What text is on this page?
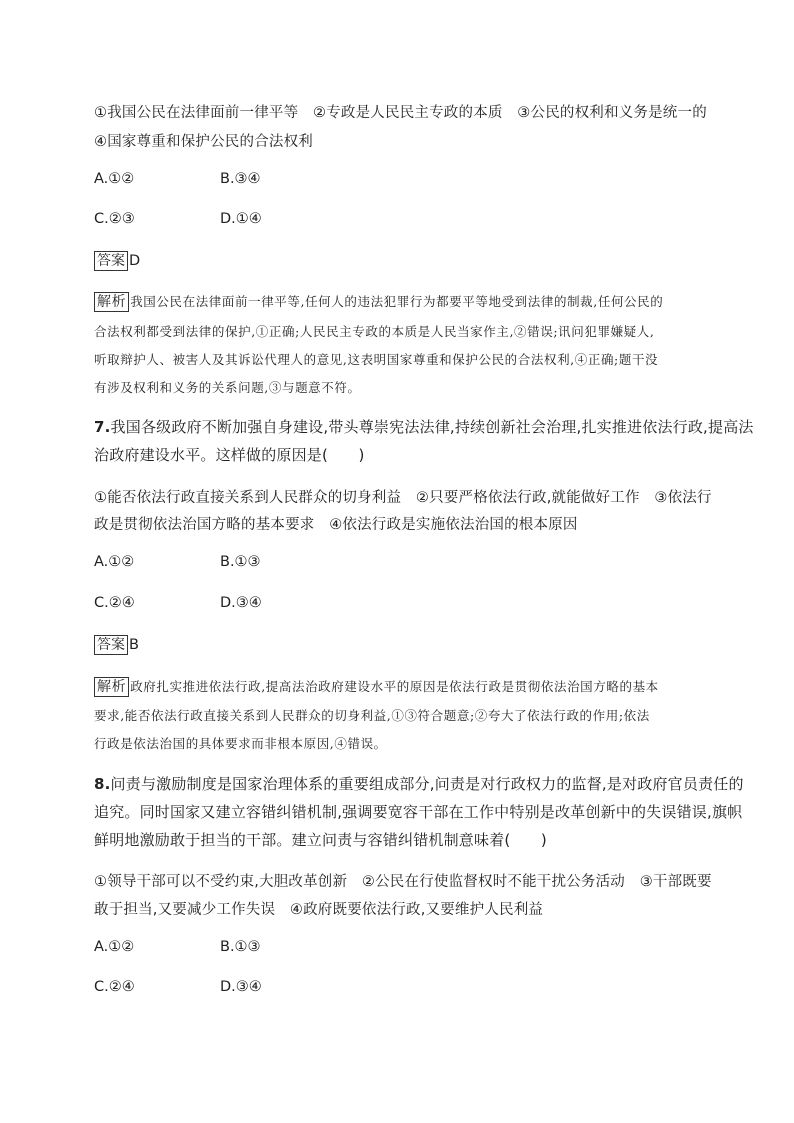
①我国公民在法律面前一律平等　②专政是人民民主专政的本质　③公民的权利和义务是统一的
④国家尊重和保护公民的合法权利
A.①②	B.③④
C.②③	D.①④
答案 D
解析 我国公民在法律面前一律平等,任何人的违法犯罪行为都要平等地受到法律的制裁,任何公民的
合法权利都受到法律的保护,①正确;人民民主专政的本质是人民当家作主,②错误;讯问犯罪嫌疑人,
听取辩护人、被害人及其诉讼代理人的意见,这表明国家尊重和保护公民的合法权利,④正确;题干没
有涉及权利和义务的关系问题,③与题意不符。
7.我国各级政府不断加强自身建设,带头尊崇宪法法律,持续创新社会治理,扎实推进依法行政,提高法
治政府建设水平。这样做的原因是(　　)
①能否依法行政直接关系到人民群众的切身利益　②只要严格依法行政,就能做好工作　③依法行
政是贯彻依法治国方略的基本要求　④依法行政是实施依法治国的根本原因
A.①②	B.①③
C.②④	D.③④
答案 B
解析 政府扎实推进依法行政,提高法治政府建设水平的原因是依法行政是贯彻依法治国方略的基本
要求,能否依法行政直接关系到人民群众的切身利益,①③符合题意;②夸大了依法行政的作用;依法
行政是依法治国的具体要求而非根本原因,④错误。
8.问责与激励制度是国家治理体系的重要组成部分,问责是对行政权力的监督,是对政府官员责任的
追究。同时国家又建立容错纠错机制,强调要宽容干部在工作中特别是改革创新中的失误错误,旗帜
鲜明地激励敢于担当的干部。建立问责与容错纠错机制意味着(　　)
①领导干部可以不受约束,大胆改革创新　②公民在行使监督权时不能干扰公务活动　③干部既要
敢于担当,又要减少工作失误　④政府既要依法行政,又要维护人民利益
A.①②	B.①③
C.②④	D.③④
